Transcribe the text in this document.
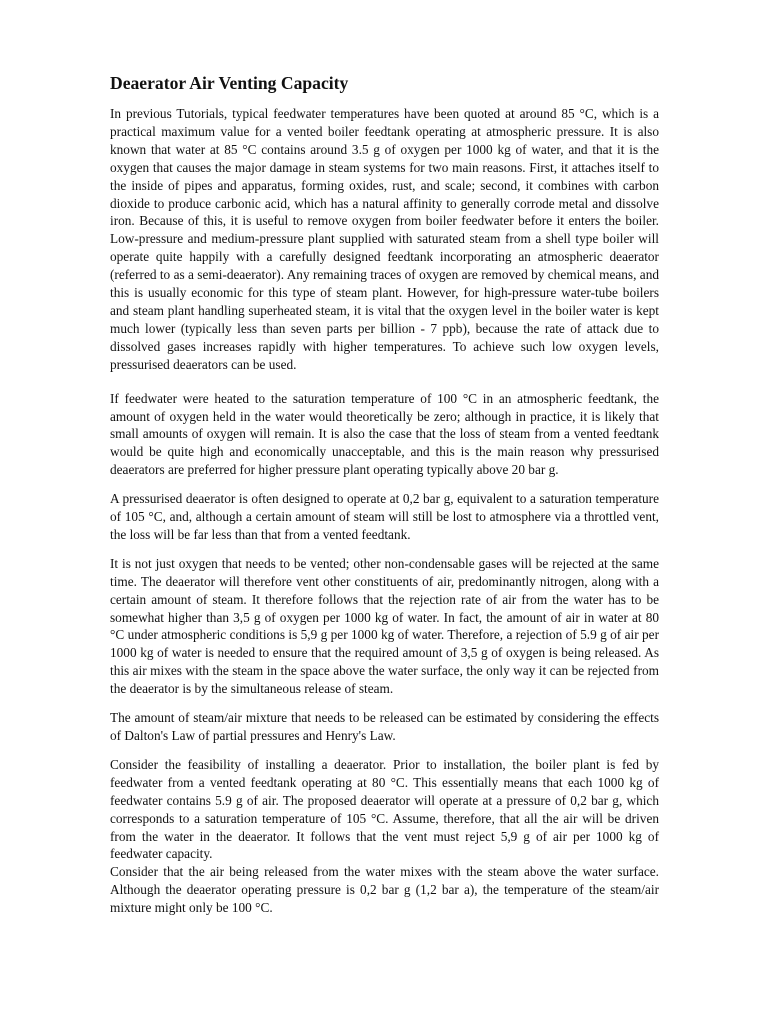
Deaerator Air Venting Capacity

In previous Tutorials, typical feedwater temperatures have been quoted at around 85 °C, which is a practical maximum value for a vented boiler feedtank operating at atmospheric pressure. It is also known that water at 85 °C contains around 3.5 g of oxygen per 1000 kg of water, and that it is the oxygen that causes the major damage in steam systems for two main reasons. First, it attaches itself to the inside of pipes and apparatus, forming oxides, rust, and scale; second, it combines with carbon dioxide to produce carbonic acid, which has a natural affinity to generally corrode metal and dissolve iron. Because of this, it is useful to remove oxygen from boiler feedwater before it enters the boiler. Low-pressure and medium-pressure plant supplied with saturated steam from a shell type boiler will operate quite happily with a carefully designed feedtank incorporating an atmospheric deaerator (referred to as a semi-deaerator). Any remaining traces of oxygen are removed by chemical means, and this is usually economic for this type of steam plant. However, for high-pressure water-tube boilers and steam plant handling superheated steam, it is vital that the oxygen level in the boiler water is kept much lower (typically less than seven parts per billion - 7 ppb), because the rate of attack due to dissolved gases increases rapidly with higher temperatures. To achieve such low oxygen levels, pressurised deaerators can be used.

If feedwater were heated to the saturation temperature of 100 °C in an atmospheric feedtank, the amount of oxygen held in the water would theoretically be zero; although in practice, it is likely that small amounts of oxygen will remain. It is also the case that the loss of steam from a vented feedtank would be quite high and economically unacceptable, and this is the main reason why pressurised deaerators are preferred for higher pressure plant operating typically above 20 bar g.

A pressurised deaerator is often designed to operate at 0,2 bar g, equivalent to a saturation temperature of 105 °C, and, although a certain amount of steam will still be lost to atmosphere via a throttled vent, the loss will be far less than that from a vented feedtank.

It is not just oxygen that needs to be vented; other non-condensable gases will be rejected at the same time. The deaerator will therefore vent other constituents of air, predominantly nitrogen, along with a certain amount of steam. It therefore follows that the rejection rate of air from the water has to be somewhat higher than 3,5 g of oxygen per 1000 kg of water. In fact, the amount of air in water at 80 °C under atmospheric conditions is 5,9 g per 1000 kg of water. Therefore, a rejection of 5.9 g of air per 1000 kg of water is needed to ensure that the required amount of 3,5 g of oxygen is being released. As this air mixes with the steam in the space above the water surface, the only way it can be rejected from the deaerator is by the simultaneous release of steam.

The amount of steam/air mixture that needs to be released can be estimated by considering the effects of Dalton's Law of partial pressures and Henry's Law.

Consider the feasibility of installing a deaerator. Prior to installation, the boiler plant is fed by feedwater from a vented feedtank operating at 80 °C. This essentially means that each 1000 kg of feedwater contains 5.9 g of air. The proposed deaerator will operate at a pressure of 0,2 bar g, which corresponds to a saturation temperature of 105 °C. Assume, therefore, that all the air will be driven from the water in the deaerator. It follows that the vent must reject 5,9 g of air per 1000 kg of feedwater capacity.

Consider that the air being released from the water mixes with the steam above the water surface. Although the deaerator operating pressure is 0,2 bar g (1,2 bar a), the temperature of the steam/air mixture might only be 100 °C.
